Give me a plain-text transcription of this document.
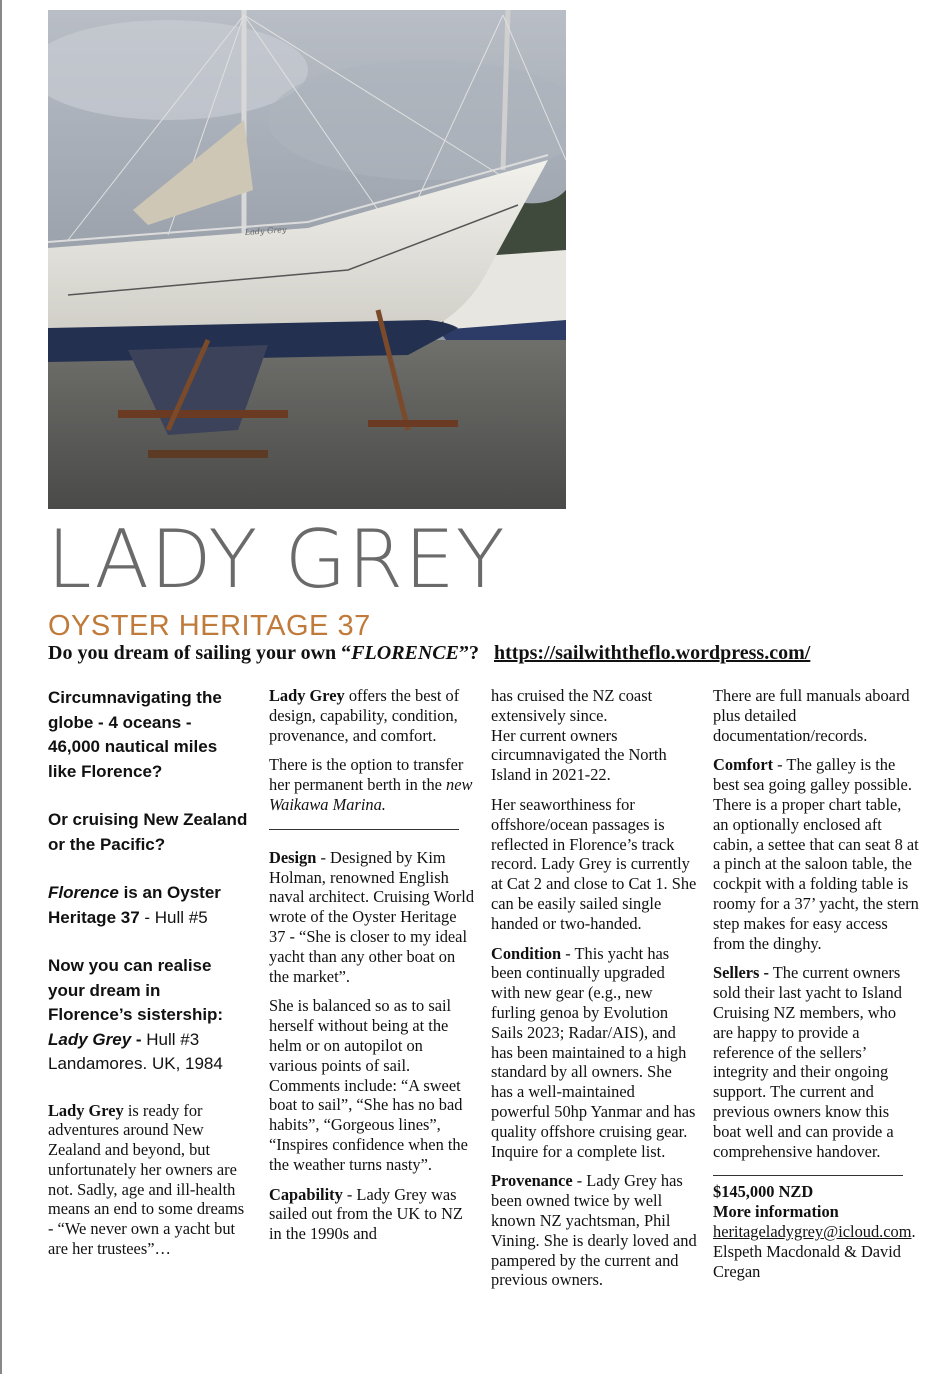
Lady Grey
LADY GREY
OYSTER HERITAGE 37
Do you dream of sailing your own “FLORENCE”? https://sailwiththeflo.wordpress.com/

Circumnavigating the globe - 4 oceans - 46,000 nautical miles like Florence?

Or cruising New Zealand or the Pacific?

Florence is an Oyster Heritage 37 - Hull #5

Now you can realise your dream in Florence’s sistership:
Lady Grey - Hull #3 Landamores. UK, 1984

Lady Grey is ready for adventures around New Zealand and beyond, but unfortunately her owners are not. Sadly, age and ill-health means an end to some dreams - “We never own a yacht but are her trustees”…

Lady Grey offers the best of design, capability, condition, provenance, and comfort.

There is the option to transfer her permanent berth in the new Waikawa Marina.

Design - Designed by Kim Holman, renowned English naval architect. Cruising World wrote of the Oyster Heritage 37 - “She is closer to my ideal yacht than any other boat on the market”.

She is balanced so as to sail herself without being at the helm or on autopilot on various points of sail. Comments include: “A sweet boat to sail”, “She has no bad habits”, “Gorgeous lines”, “Inspires confidence when the the weather turns nasty”.

Capability - Lady Grey was sailed out from the UK to NZ in the 1990s and

has cruised the NZ coast extensively since.

Her current owners circumnavigated the North Island in 2021-22.

Her seaworthiness for offshore/ocean passages is reflected in Florence’s track record. Lady Grey is currently at Cat 2 and close to Cat 1. She can be easily sailed single handed or two-handed.

Condition - This yacht has been continually upgraded with new gear (e.g., new furling genoa by Evolution Sails 2023; Radar/AIS), and has been maintained to a high standard by all owners. She has a well-maintained powerful 50hp Yanmar and has quality offshore cruising gear. Inquire for a complete list.

Provenance - Lady Grey has been owned twice by well known NZ yachtsman, Phil Vining. She is dearly loved and pampered by the current and previous owners.

There are full manuals aboard plus detailed documentation/records.

Comfort - The galley is the best sea going galley possible. There is a proper chart table, an optionally enclosed aft cabin, a settee that can seat 8 at a pinch at the saloon table, the cockpit with a folding table is roomy for a 37’ yacht, the stern step makes for easy access from the dinghy.

Sellers - The current owners sold their last yacht to Island Cruising NZ members, who are happy to provide a reference of the sellers’ integrity and their ongoing support. The current and previous owners know this boat well and can provide a comprehensive handover.

$145,000 NZD
More information
heritageladygrey@icloud.com. Elspeth Macdonald & David Cregan
